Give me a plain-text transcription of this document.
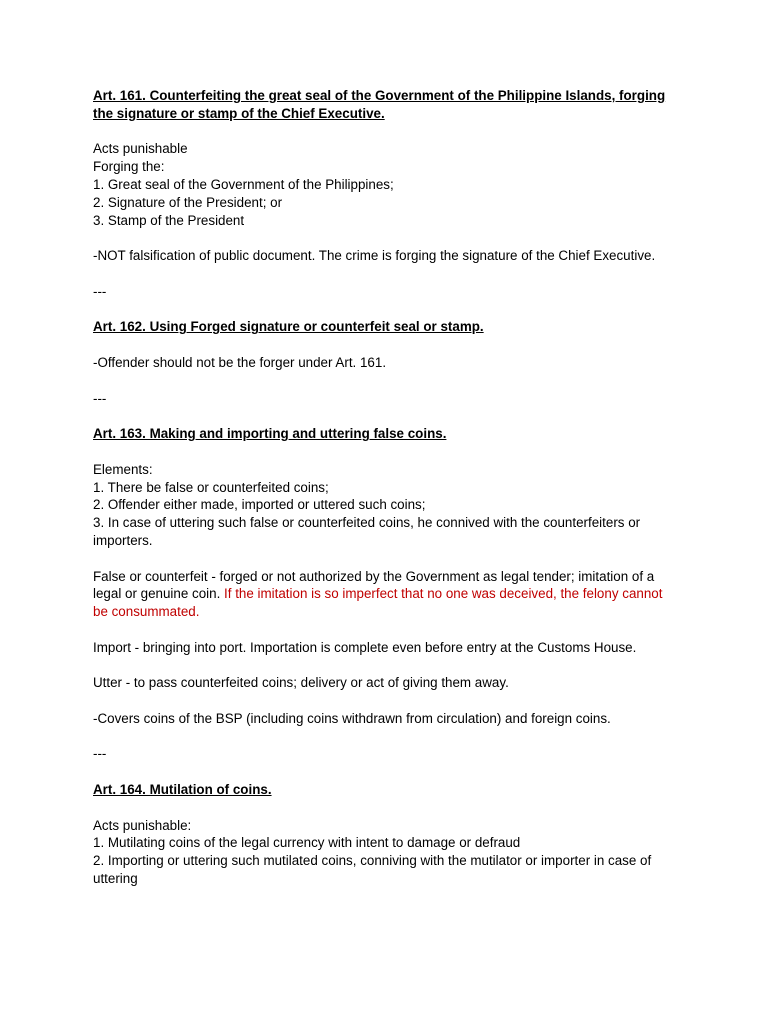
Art. 161. Counterfeiting the great seal of the Government of the Philippine Islands, forging the signature or stamp of the Chief Executive.

Acts punishable
Forging the:
1. Great seal of the Government of the Philippines;
2. Signature of the President; or
3. Stamp of the President

-NOT falsification of public document. The crime is forging the signature of the Chief Executive.

---

Art. 162. Using Forged signature or counterfeit seal or stamp.

-Offender should not be the forger under Art. 161.

---

Art. 163. Making and importing and uttering false coins.

Elements:
1. There be false or counterfeited coins;
2. Offender either made, imported or uttered such coins;
3. In case of uttering such false or counterfeited coins, he connived with the counterfeiters or importers.

False or counterfeit - forged or not authorized by the Government as legal tender; imitation of a legal or genuine coin. If the imitation is so imperfect that no one was deceived, the felony cannot be consummated.

Import - bringing into port. Importation is complete even before entry at the Customs House.

Utter - to pass counterfeited coins; delivery or act of giving them away.

-Covers coins of the BSP (including coins withdrawn from circulation) and foreign coins.

---

Art. 164. Mutilation of coins.

Acts punishable:
1. Mutilating coins of the legal currency with intent to damage or defraud
2. Importing or uttering such mutilated coins, conniving with the mutilator or importer in case of uttering
